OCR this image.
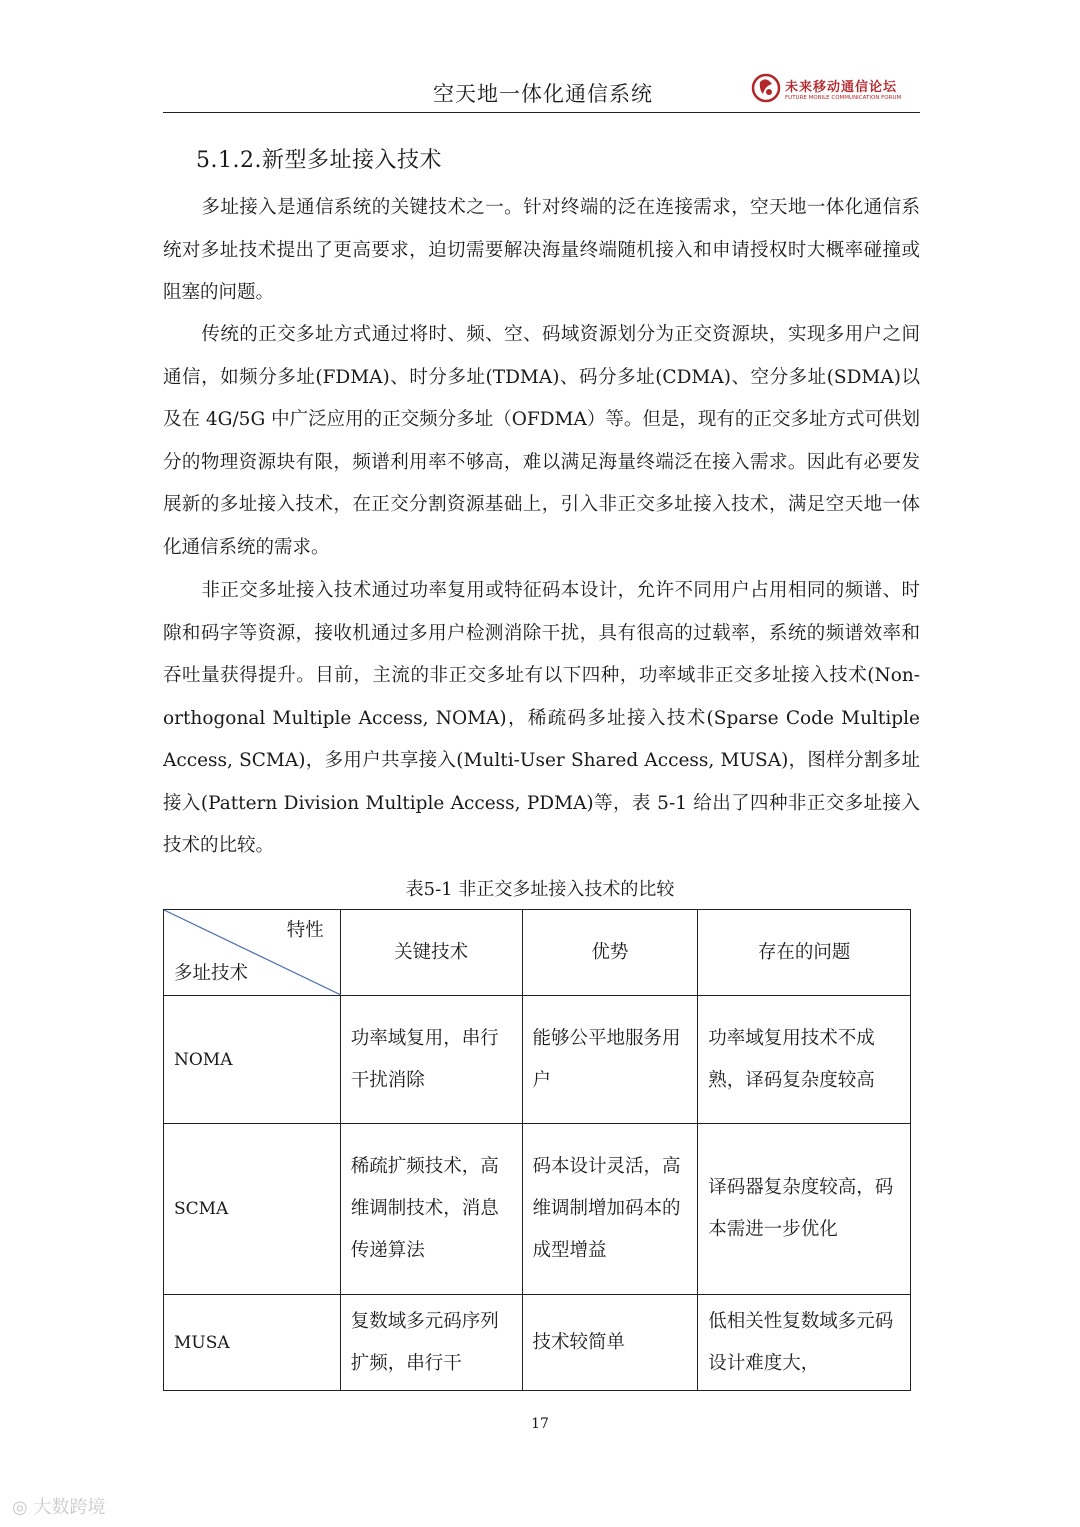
空天地一体化通信系统	未来移动通信论坛
FUTURE MOBILE COMMUNICATION FORUM
5.1.2.新型多址接入技术

多址接入是通信系统的关键技术之一。针对终端的泛在连接需求，空天地一体化通信系统对多址技术提出了更高要求，迫切需要解决海量终端随机接入和申请授权时大概率碰撞或阻塞的问题。

传统的正交多址方式通过将时、频、空、码域资源划分为正交资源块，实现多用户之间通信，如频分多址(FDMA)、时分多址(TDMA)、码分多址(CDMA)、空分多址(SDMA)以及在 4G/5G 中广泛应用的正交频分多址（OFDMA）等。但是，现有的正交多址方式可供划分的物理资源块有限，频谱利用率不够高，难以满足海量终端泛在接入需求。因此有必要发展新的多址接入技术，在正交分割资源基础上，引入非正交多址接入技术，满足空天地一体化通信系统的需求。

非正交多址接入技术通过功率复用或特征码本设计，允许不同用户占用相同的频谱、时隙和码字等资源，接收机通过多用户检测消除干扰，具有很高的过载率，系统的频谱效率和吞吐量获得提升。目前，主流的非正交多址有以下四种，功率域非正交多址接入技术(Non-orthogonal Multiple Access, NOMA)，稀疏码多址接入技术(Sparse Code Multiple Access, SCMA)，多用户共享接入(Multi-User Shared Access, MUSA)，图样分割多址接入(Pattern Division Multiple Access, PDMA)等，表 5-1 给出了四种非正交多址接入技术的比较。

表5-1 非正交多址接入技术的比较
特性
多址技术	关键技术	优势	存在的问题
NOMA	功率域复用，串行干扰消除	能够公平地服务用户	功率域复用技术不成熟，译码复杂度较高
SCMA	稀疏扩频技术，高维调制技术，消息传递算法	码本设计灵活，高维调制增加码本的成型增益	译码器复杂度较高，码本需进一步优化
MUSA	复数域多元码序列扩频，串行干	技术较简单	低相关性复数域多元码设计难度大，
17
◎ 大数跨境
